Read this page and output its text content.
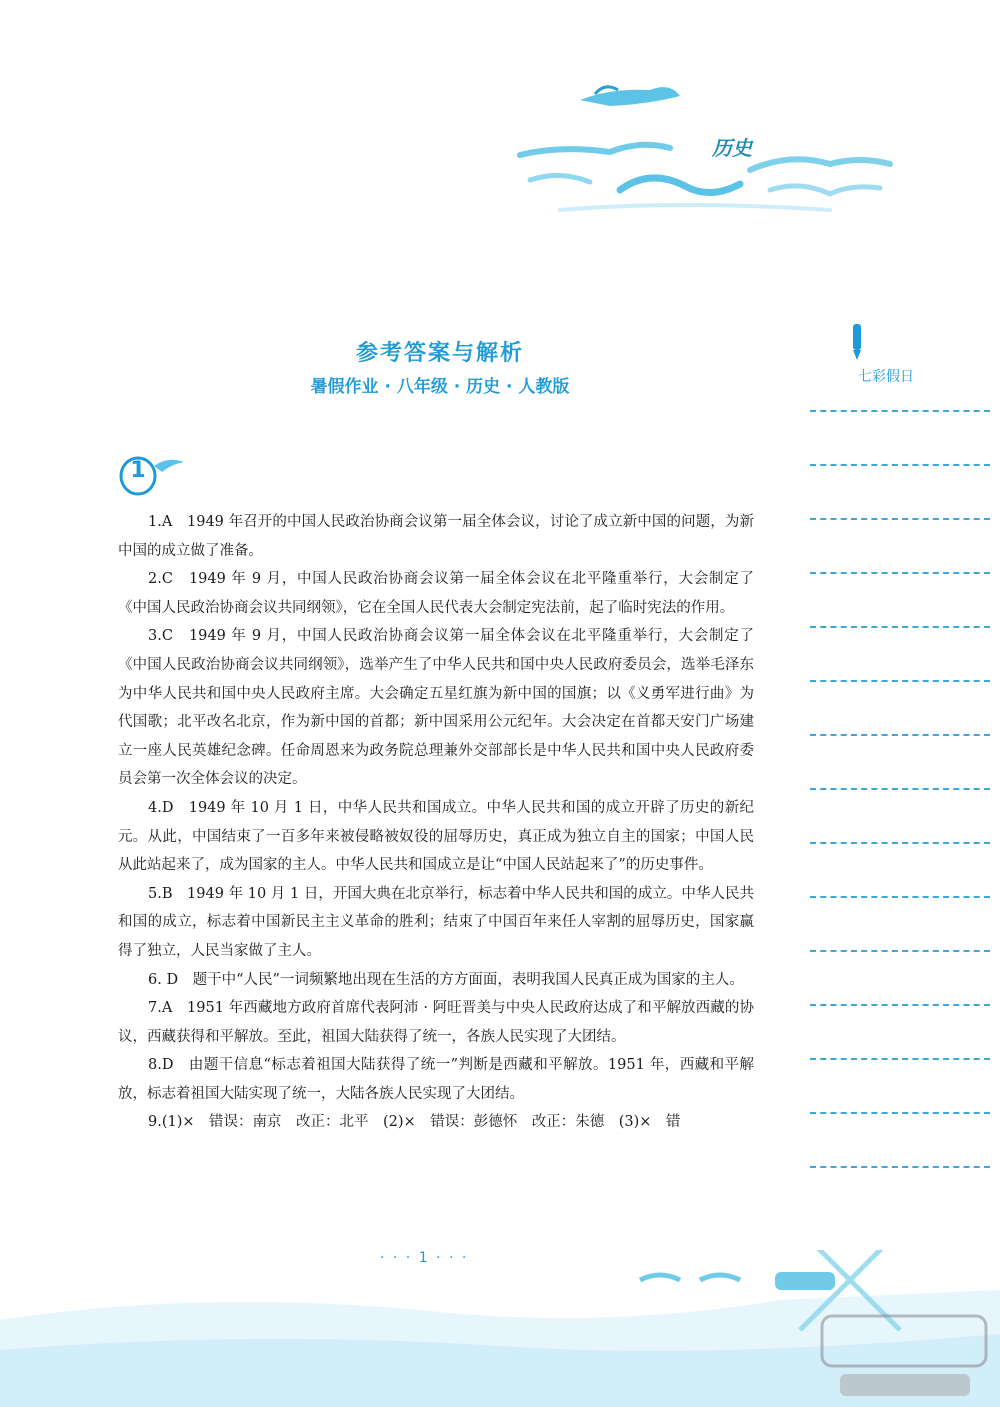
历史
参考答案与解析
暑假作业 · 八年级 · 历史 · 人教版	七彩假日
1

1.A　1949 年召开的中国人民政治协商会议第一届全体会议，讨论了成立新中国的问题，为新中国的成立做了准备。

2.C　1949 年 9 月，中国人民政治协商会议第一届全体会议在北平隆重举行，大会制定了《中国人民政治协商会议共同纲领》，它在全国人民代表大会制定宪法前，起了临时宪法的作用。

3.C　1949 年 9 月，中国人民政治协商会议第一届全体会议在北平隆重举行，大会制定了《中国人民政治协商会议共同纲领》，选举产生了中华人民共和国中央人民政府委员会，选举毛泽东为中华人民共和国中央人民政府主席。大会确定五星红旗为新中国的国旗；以《义勇军进行曲》为代国歌；北平改名北京，作为新中国的首都；新中国采用公元纪年。大会决定在首都天安门广场建立一座人民英雄纪念碑。任命周恩来为政务院总理兼外交部部长是中华人民共和国中央人民政府委员会第一次全体会议的决定。

4.D　1949 年 10 月 1 日，中华人民共和国成立。中华人民共和国的成立开辟了历史的新纪元。从此，中国结束了一百多年来被侵略被奴役的屈辱历史，真正成为独立自主的国家；中国人民从此站起来了，成为国家的主人。中华人民共和国成立是让“中国人民站起来了”的历史事件。

5.B　1949 年 10 月 1 日，开国大典在北京举行，标志着中华人民共和国的成立。中华人民共和国的成立，标志着中国新民主主义革命的胜利；结束了中国百年来任人宰割的屈辱历史，国家赢得了独立，人民当家做了主人。

6. D　题干中“人民”一词频繁地出现在生活的方方面面，表明我国人民真正成为国家的主人。

7.A　1951 年西藏地方政府首席代表阿沛 · 阿旺晋美与中央人民政府达成了和平解放西藏的协议，西藏获得和平解放。至此，祖国大陆获得了统一，各族人民实现了大团结。

8.D　由题干信息“标志着祖国大陆获得了统一”判断是西藏和平解放。1951 年，西藏和平解放，标志着祖国大陆实现了统一，大陆各族人民实现了大团结。

9.(1)×　错误：南京　改正：北平　(2)×　错误：彭德怀　改正：朱德　(3)×　错

· · · 1 · · ·
